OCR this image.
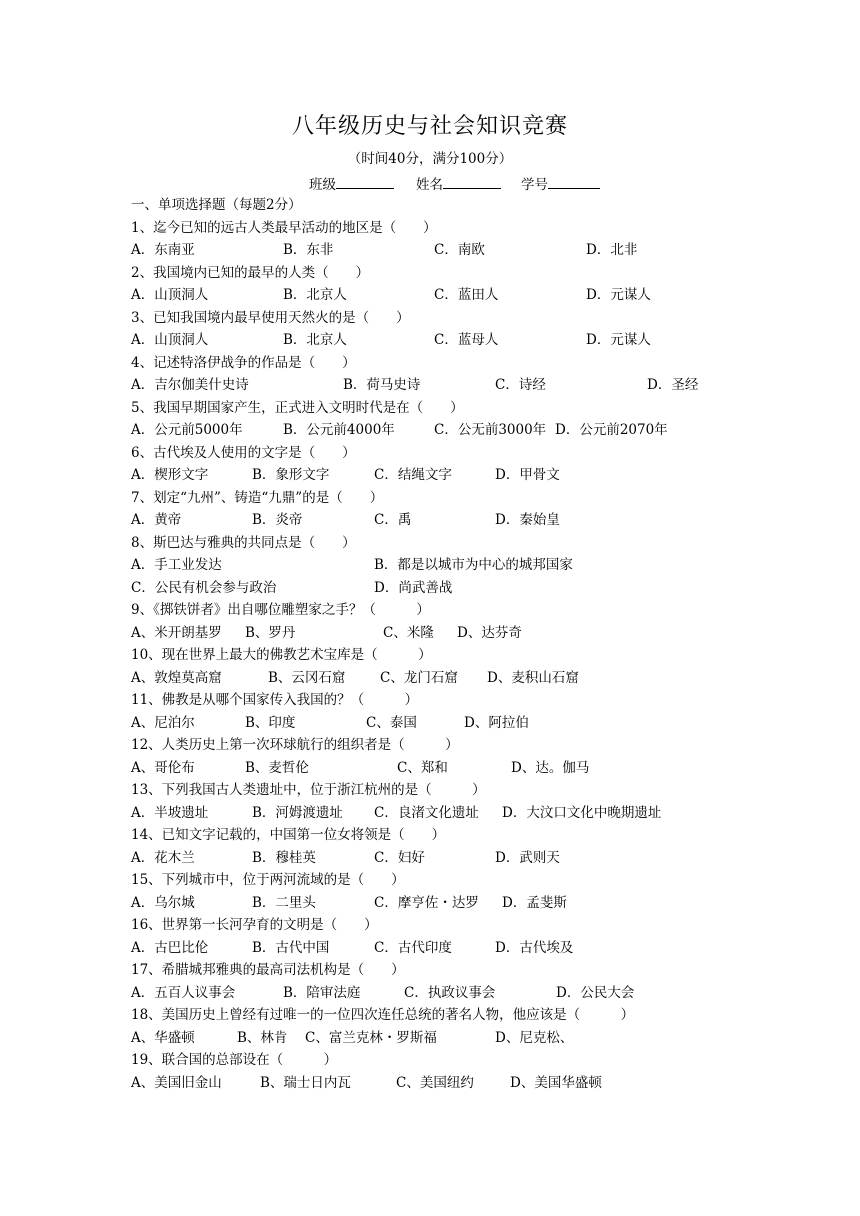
八年级历史与社会知识竞赛
（时间40分，满分100分）
班级	姓名	学号
一、单项选择题（每题2分）
1、迄今已知的远古人类最早活动的地区是（　　）
A．东南亚	B．东非	C．南欧	D．北非
2、我国境内已知的最早的人类（　　）
A．山顶洞人	B．北京人	C．蓝田人	D．元谋人
3、已知我国境内最早使用天然火的是（　　）
A．山顶洞人	B．北京人	C．蓝母人	D．元谋人
4、记述特洛伊战争的作品是（　　）
A．吉尔伽美什史诗	B．荷马史诗	C．诗经	D．圣经
5、我国早期国家产生，正式进入文明时代是在（　　）
A．公元前5000年	B．公元前4000年	C．公无前3000年 D．公元前2070年
6、古代埃及人使用的文字是（　　）
A．楔形文字	B．象形文字	C．结绳文字	D．甲骨文
7、划定“九州”、铸造“九鼎”的是（　　）
A．黄帝	B．炎帝	C．禹	D．秦始皇
8、斯巴达与雅典的共同点是（　　）
A．手工业发达	B．都是以城市为中心的城邦国家
C．公民有机会参与政治	D．尚武善战
9、《掷铁饼者》出自哪位雕塑家之手？（　　　）
A、米开朗基罗 B、罗丹	C、米隆 D、达芬奇
10、现在世界上最大的佛教艺术宝库是（　　　）
A、敦煌莫高窟	B、云冈石窟	C、龙门石窟 D、麦积山石窟
11、佛教是从哪个国家传入我国的？（　　　）
A、尼泊尔	B、印度	C、泰国	D、阿拉伯
12、人类历史上第一次环球航行的组织者是（　　　）
A、哥伦布	B、麦哲伦	C、郑和	D、达。伽马
13、下列我国古人类遗址中，位于浙江杭州的是（　　　）
A．半坡遗址	B．河姆渡遗址 C．良渚文化遗址 D．大汶口文化中晚期遗址
14、已知文字记载的，中国第一位女将领是（　　）
A．花木兰	B．穆桂英	C．妇好	D．武则天
15、下列城市中，位于两河流域的是（　　）
A．乌尔城	B．二里头	C．摩亨佐・达罗 D．孟斐斯
16、世界第一长河孕育的文明是（　　）
A．古巴比伦	B．古代中国	C．古代印度	D．古代埃及
17、希腊城邦雅典的最高司法机构是（　　）
A．五百人议事会	B．陪审法庭	C．执政议事会	D．公民大会
18、美国历史上曾经有过唯一的一位四次连任总统的著名人物，他应该是（　　　）
A、华盛顿	B、林肯 C、富兰克林・罗斯福	D、尼克松、
19、联合国的总部设在（　　　）
A、美国旧金山	B、瑞士日内瓦	C、美国纽约	D、美国华盛顿
